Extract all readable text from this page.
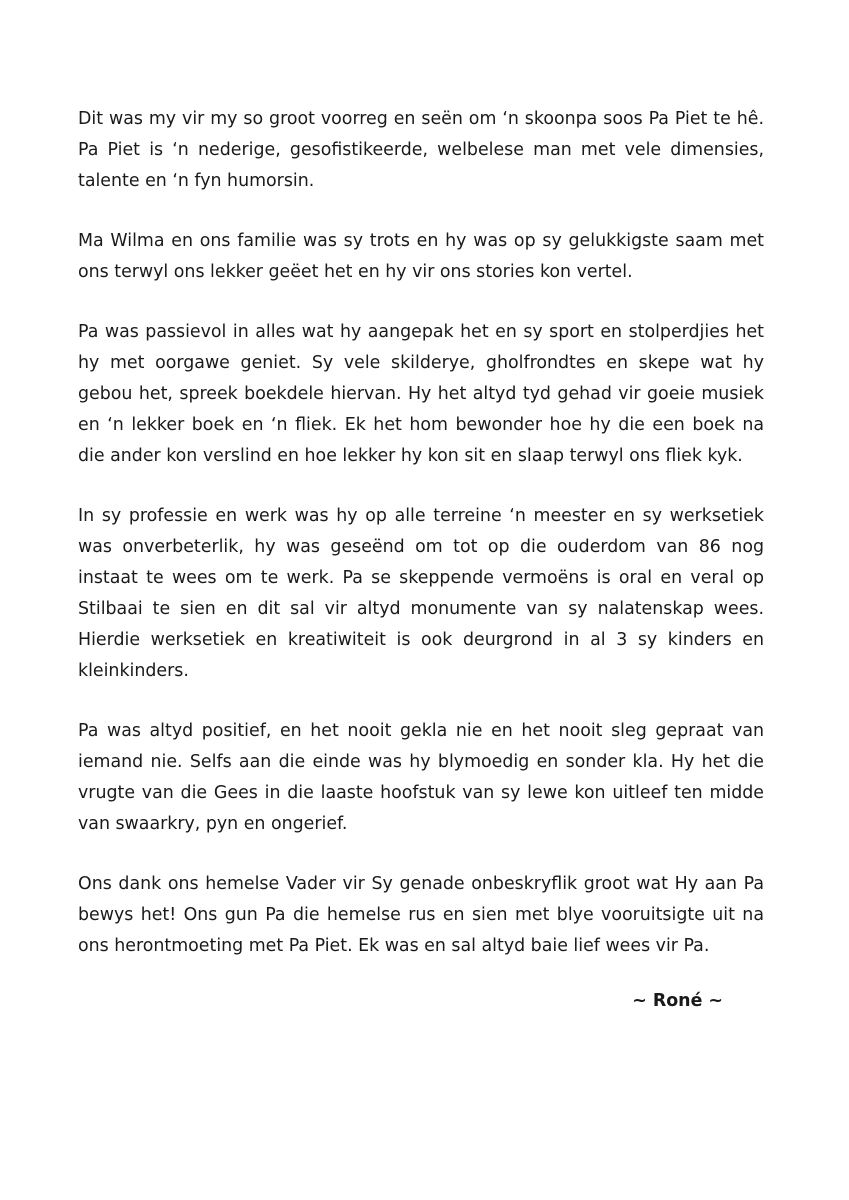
Dit was my vir my so groot voorreg en seën om ‘n skoonpa soos Pa Piet te hê. Pa Piet is ‘n nederige, gesofistikeerde, welbelese man met vele dimensies, talente en ‘n fyn humorsin.

Ma Wilma en ons familie was sy trots en hy was op sy gelukkigste saam met ons terwyl ons lekker geëet het en hy vir ons stories kon vertel.

Pa was passievol in alles wat hy aangepak het en sy sport en stolperdjies het hy met oorgawe geniet. Sy vele skilderye, gholfrondtes en skepe wat hy gebou het, spreek boekdele hiervan. Hy het altyd tyd gehad vir goeie musiek en ‘n lekker boek en ‘n fliek. Ek het hom bewonder hoe hy die een boek na die ander kon verslind en hoe lekker hy kon sit en slaap terwyl ons fliek kyk.

In sy professie en werk was hy op alle terreine ‘n meester en sy werksetiek was onverbeterlik, hy was geseënd om tot op die ouderdom van 86 nog instaat te wees om te werk. Pa se skeppende vermoëns is oral en veral op Stilbaai te sien en dit sal vir altyd monumente van sy nalatenskap wees. Hierdie werksetiek en kreatiwiteit is ook deurgrond in al 3 sy kinders en kleinkinders.

Pa was altyd positief, en het nooit gekla nie en het nooit sleg gepraat van iemand nie. Selfs aan die einde was hy blymoedig en sonder kla. Hy het die vrugte van die Gees in die laaste hoofstuk van sy lewe kon uitleef ten midde van swaarkry, pyn en ongerief.

Ons dank ons hemelse Vader vir Sy genade onbeskryflik groot wat Hy aan Pa bewys het! Ons gun Pa die hemelse rus en sien met blye vooruitsigte uit na ons herontmoeting met Pa Piet. Ek was en sal altyd baie lief wees vir Pa.

~ Roné ~
